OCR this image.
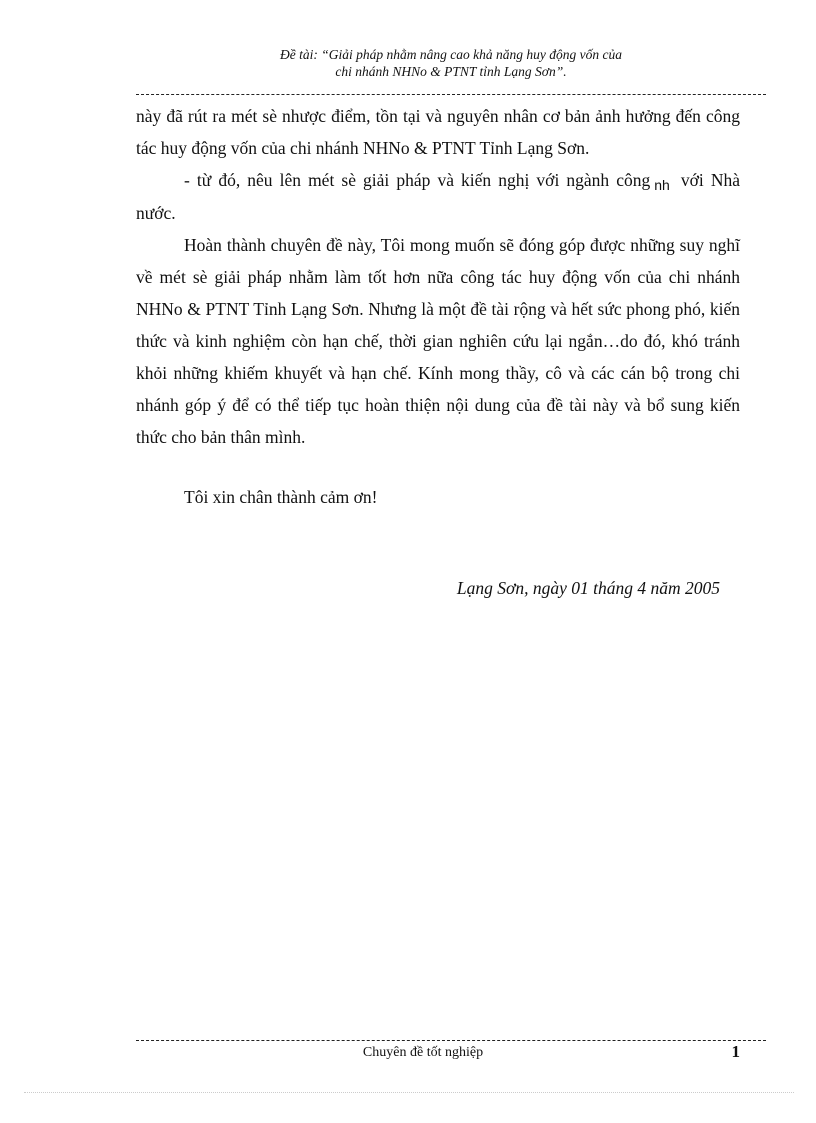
Đề tài: “Giải pháp nhằm nâng cao khả năng huy động vốn của
chi nhánh NHNo & PTNT tỉnh Lạng Sơn”.

này đã rút ra mét sè nhược điểm, tồn tại và nguyên nhân cơ bản ảnh hưởng đến công tác huy động vốn của chi nhánh NHNo & PTNT Tỉnh Lạng Sơn.

- từ đó, nêu lên mét sè giải pháp và kiến nghị với ngành công $_{nh}$ với Nhà nước.

Hoàn thành chuyên đề này, Tôi mong muốn sẽ đóng góp được những suy nghĩ về mét sè giải pháp nhằm làm tốt hơn nữa công tác huy động vốn của chi nhánh NHNo & PTNT Tỉnh Lạng Sơn. Nhưng là một đề tài rộng và hết sức phong phó, kiến thức và kinh nghiệm còn hạn chế, thời gian nghiên cứu lại ngắn…do đó, khó tránh khỏi những khiếm khuyết và hạn chế. Kính mong thầy, cô và các cán bộ trong chi nhánh góp ý để có thể tiếp tục hoàn thiện nội dung của đề tài này và bổ sung kiến thức cho bản thân mình.

Tôi xin chân thành cảm ơn!

Lạng Sơn, ngày 01 tháng 4 năm 2005
Chuyên đề tốt nghiệp	1
